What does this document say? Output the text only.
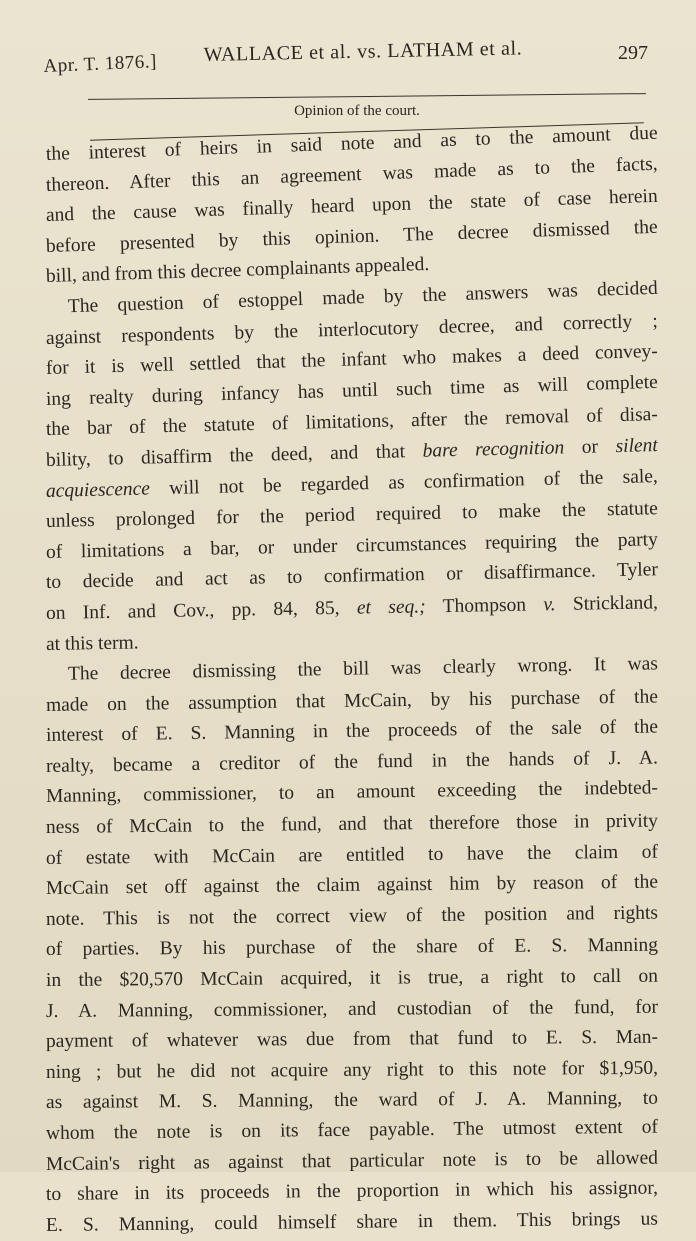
Apr. T. 1876.] WALLACE et al. vs. LATHAM et al.	297
Opinion of the court.
the interest of heirs in said note and as to the amount due
thereon. After this an agreement was made as to the facts,
and the cause was finally heard upon the state of case herein
before presented by this opinion. The decree dismissed the
bill, and from this decree complainants appealed.
The question of estoppel made by the answers was decided
against respondents by the interlocutory decree, and correctly ;
for it is well settled that the infant who makes a deed convey-
ing realty during infancy has until such time as will complete
the bar of the statute of limitations, after the removal of disa-
bility, to disaffirm the deed, and that bare recognition or silent
acquiescence will not be regarded as confirmation of the sale,
unless prolonged for the period required to make the statute
of limitations a bar, or under circumstances requiring the party
to decide and act as to confirmation or disaffirmance. Tyler
on Inf. and Cov., pp. 84, 85, et seq.; Thompson v. Strickland,
at this term.
The decree dismissing the bill was clearly wrong. It was
made on the assumption that McCain, by his purchase of the
interest of E. S. Manning in the proceeds of the sale of the
realty, became a creditor of the fund in the hands of J. A.
Manning, commissioner, to an amount exceeding the indebted-
ness of McCain to the fund, and that therefore those in privity
of estate with McCain are entitled to have the claim of
McCain set off against the claim against him by reason of the
note. This is not the correct view of the position and rights
of parties. By his purchase of the share of E. S. Manning
in the $20,570 McCain acquired, it is true, a right to call on
J. A. Manning, commissioner, and custodian of the fund, for
payment of whatever was due from that fund to E. S. Man-
ning ; but he did not acquire any right to this note for $1,950,
as against M. S. Manning, the ward of J. A. Manning, to
whom the note is on its face payable. The utmost extent of
McCain's right as against that particular note is to be allowed
to share in its proceeds in the proportion in which his assignor,
E. S. Manning, could himself share in them. This brings us
